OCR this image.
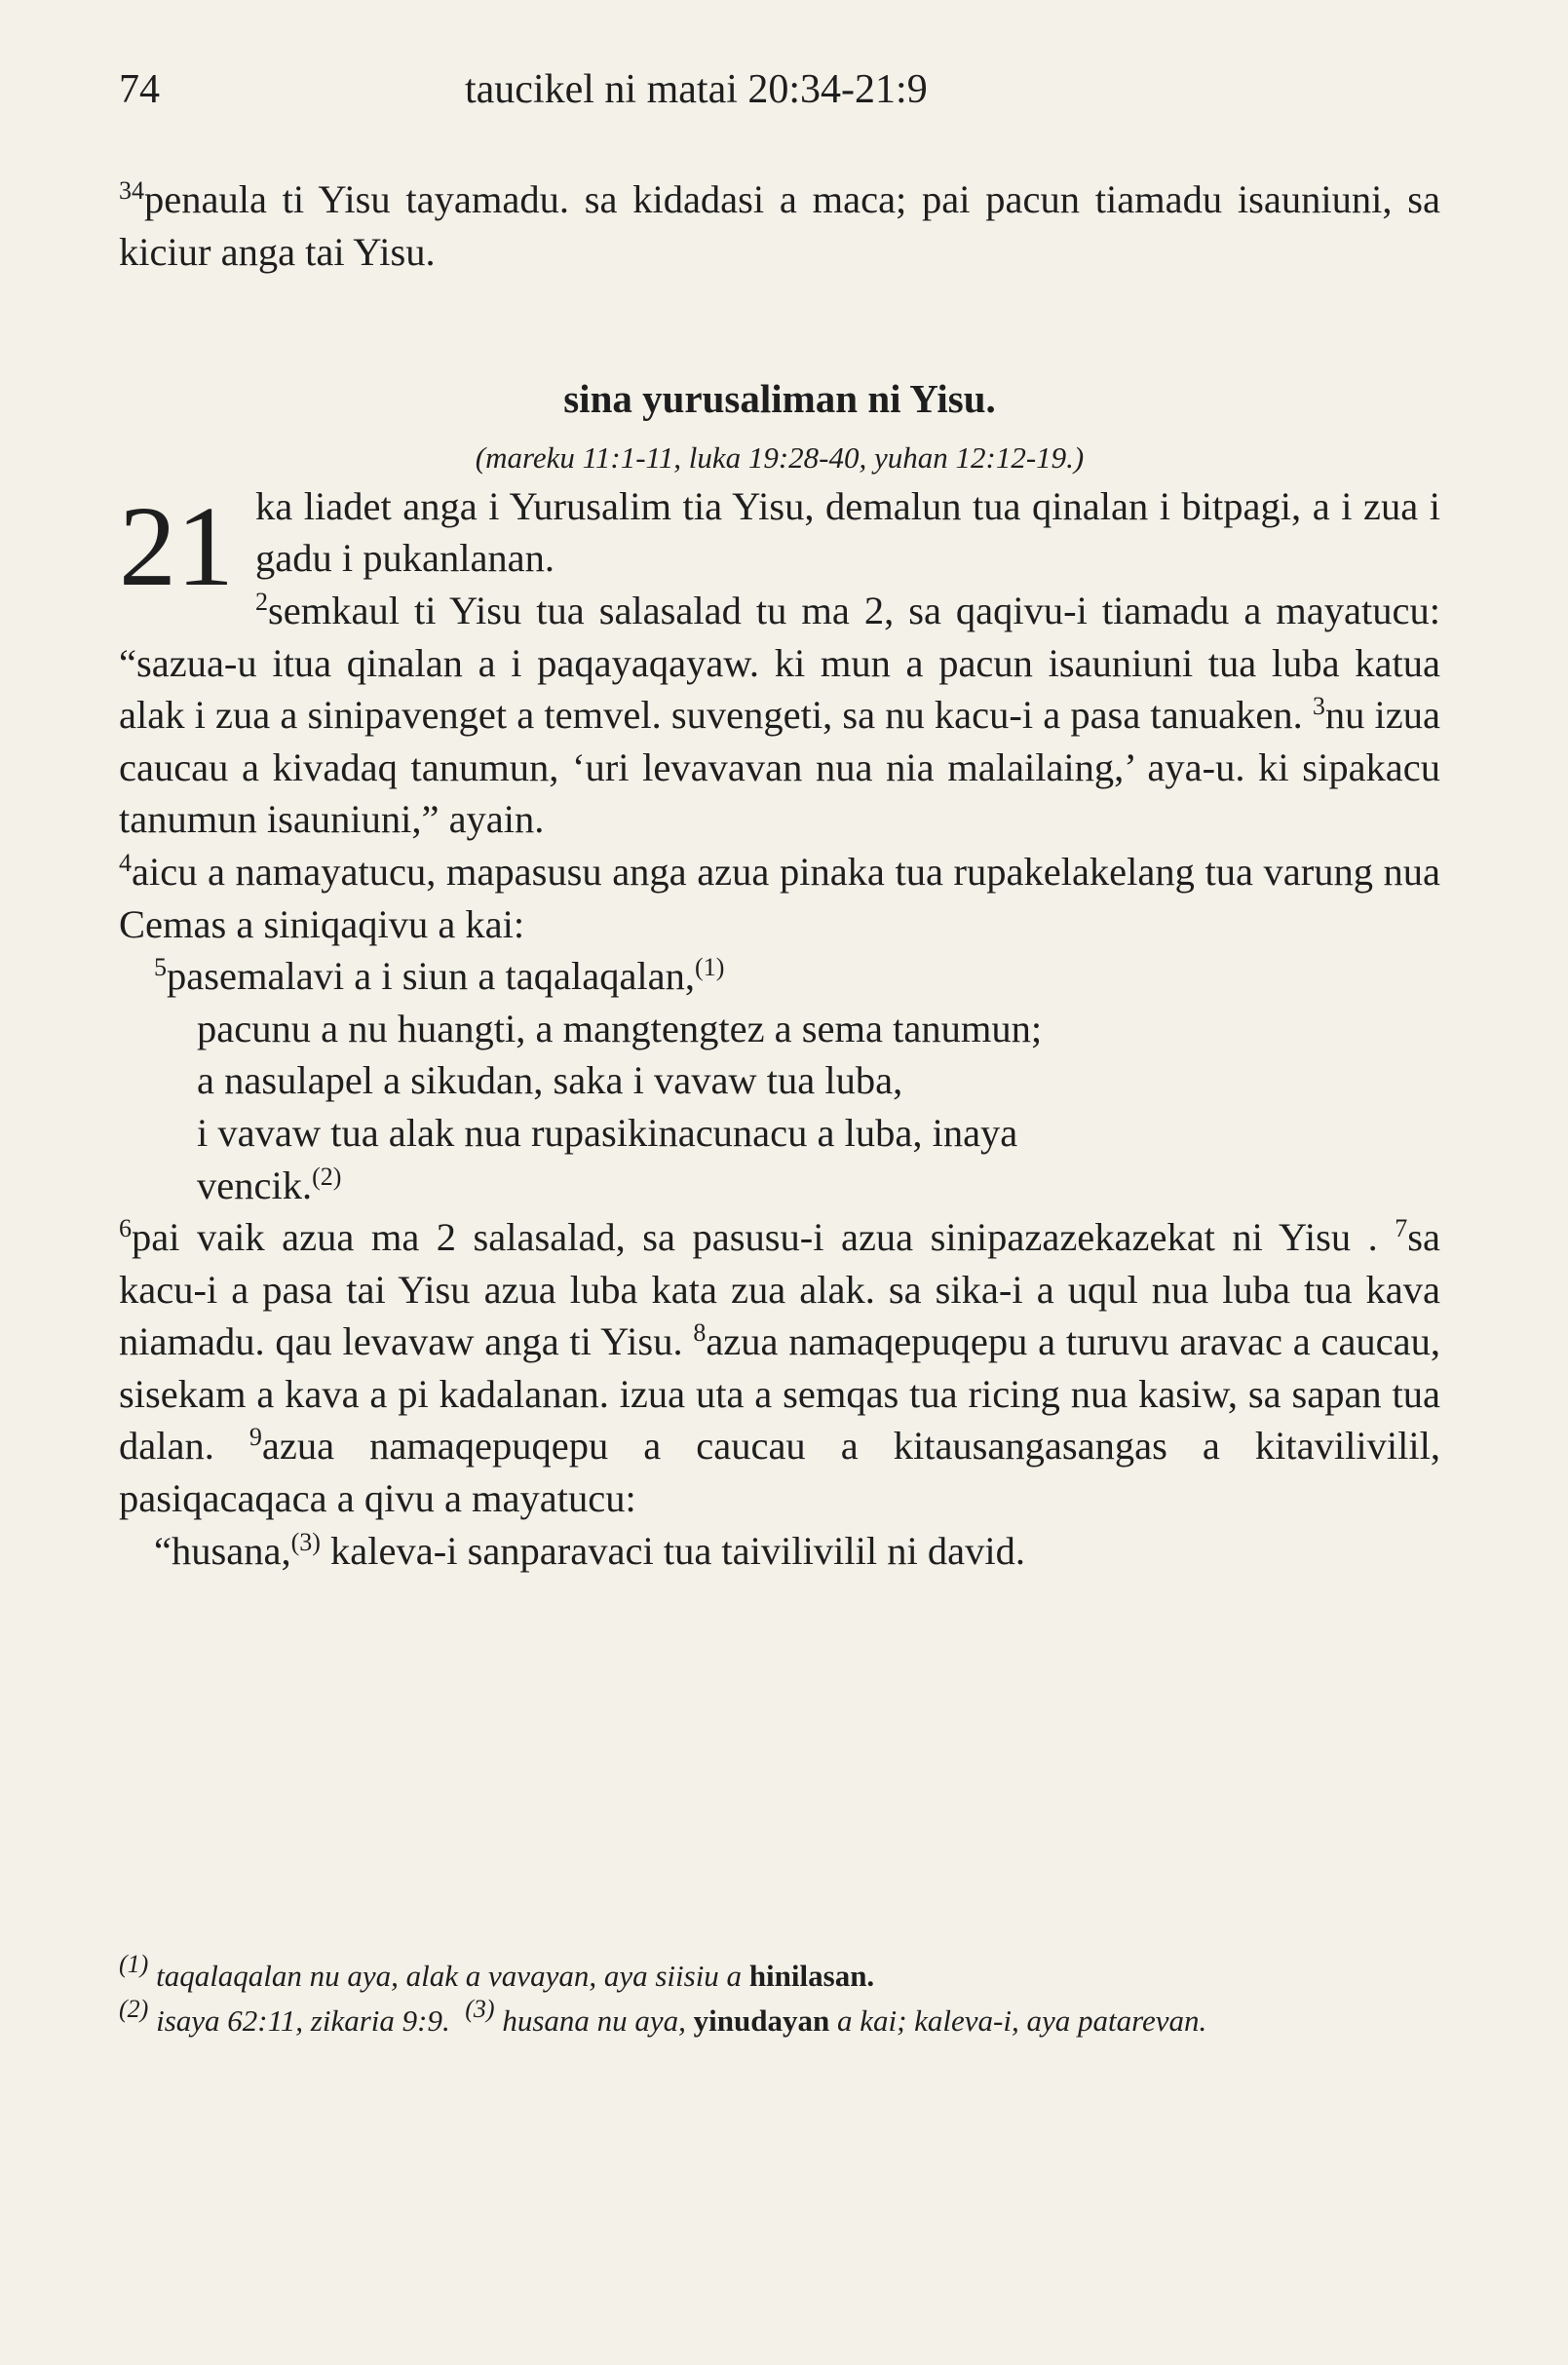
74	taucikel ni matai 20:34-21:9

$^{34}$penaula ti Yisu tayamadu. sa kidadasi a maca; pai pacun tiamadu isauniuni, sa kiciur anga tai Yisu.

sina yurusaliman ni Yisu.
(mareku 11:1-11, luka 19:28-40, yuhan 12:12-19.)

21 ka liadet anga i Yurusalim tia Yisu, demalun tua qinalan i bitpagi, a i zua i gadu i pukanlanan.

$^2$semkaul ti Yisu tua salasalad tu ma 2, sa qaqivu-i tiamadu a mayatucu: “sazua-u itua qinalan a i paqayaqayaw. ki mun a pacun isauniuni tua luba katua alak i zua a sinipavenget a temvel. suvengeti, sa nu kacu-i a pasa tanuaken. $^3$nu izua caucau a kivadaq tanumun, ‘uri levavavan nua nia malailaing,’ aya-u. ki sipakacu tanumun isauniuni,” ayain.

$^4$aicu a namayatucu, mapasusu anga azua pinaka tua rupakelakelang tua varung nua Cemas a siniqaqivu a kai:

$^5$pasemalavi a i siun a taqalaqalan,$^{(1)}$

pacunu a nu huangti, a mangtengtez a sema tanumun;

a nasulapel a sikudan, saka i vavaw tua luba,

i vavaw tua alak nua rupasikinacunacu a luba, inaya

vencik.$^{(2)}$

$^6$pai vaik azua ma 2 salasalad, sa pasusu-i azua sinipazazekazekat ni Yisu . $^7$sa kacu-i a pasa tai Yisu azua luba kata zua alak. sa sika-i a uqul nua luba tua kava niamadu. qau levavaw anga ti Yisu. $^8$azua namaqepuqepu a turuvu aravac a caucau, sisekam a kava a pi kadalanan. izua uta a semqas tua ricing nua kasiw, sa sapan tua dalan. $^9$azua namaqepuqepu a caucau a kitausangasangas a kitavilivilil, pasiqacaqaca a qivu a mayatucu:

“husana,$^{(3)}$ kaleva-i sanparavaci tua taivilivilil ni david.

$^{(1)}$ taqalaqalan nu aya, alak a vavayan, aya siisiu a hinilasan.
$^{(2)}$ isaya 62:11, zikaria 9:9. $^{(3)}$ husana nu aya, yinudayan a kai; kaleva-i, aya patarevan.
